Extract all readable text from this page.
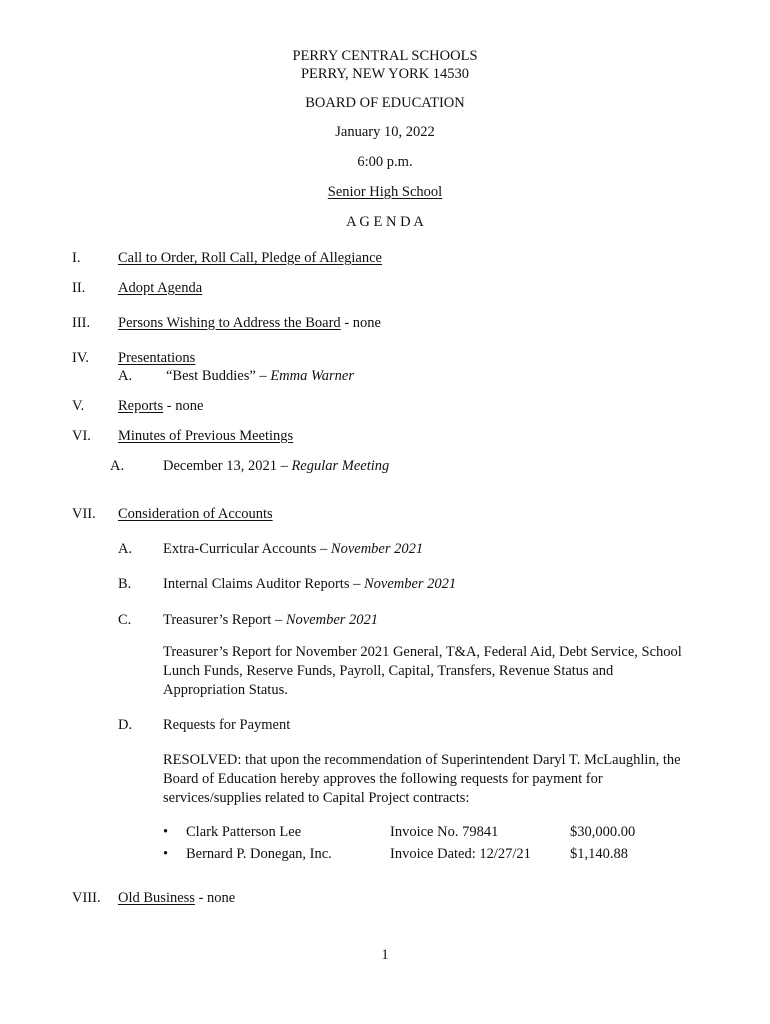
PERRY CENTRAL SCHOOLS
PERRY, NEW YORK 14530
BOARD OF EDUCATION
January 10, 2022
6:00 p.m.
Senior High School
A G E N D A
I.	Call to Order, Roll Call, Pledge of Allegiance
II. Adopt Agenda
III. Persons Wishing to Address the Board - none
IV. Presentations
A. “Best Buddies” – Emma Warner
V. Reports - none
VI. Minutes of Previous Meetings
A.	December 13, 2021 – Regular Meeting
VII. Consideration of Accounts
A. Extra-Curricular Accounts – November 2021
B. Internal Claims Auditor Reports – November 2021
C. Treasurer’s Report – November 2021
Treasurer’s Report for November 2021 General, T&A, Federal Aid, Debt Service, School Lunch Funds, Reserve Funds, Payroll, Capital, Transfers, Revenue Status and Appropriation Status.
D. Requests for Payment
RESOLVED: that upon the recommendation of Superintendent Daryl T. McLaughlin, the Board of Education hereby approves the following requests for payment for services/supplies related to Capital Project contracts:
• Clark Patterson Lee	Invoice No. 79841	$30,000.00
• Bernard P. Donegan, Inc.	Invoice Dated: 12/27/21	$1,140.88
VIII. Old Business - none
1
